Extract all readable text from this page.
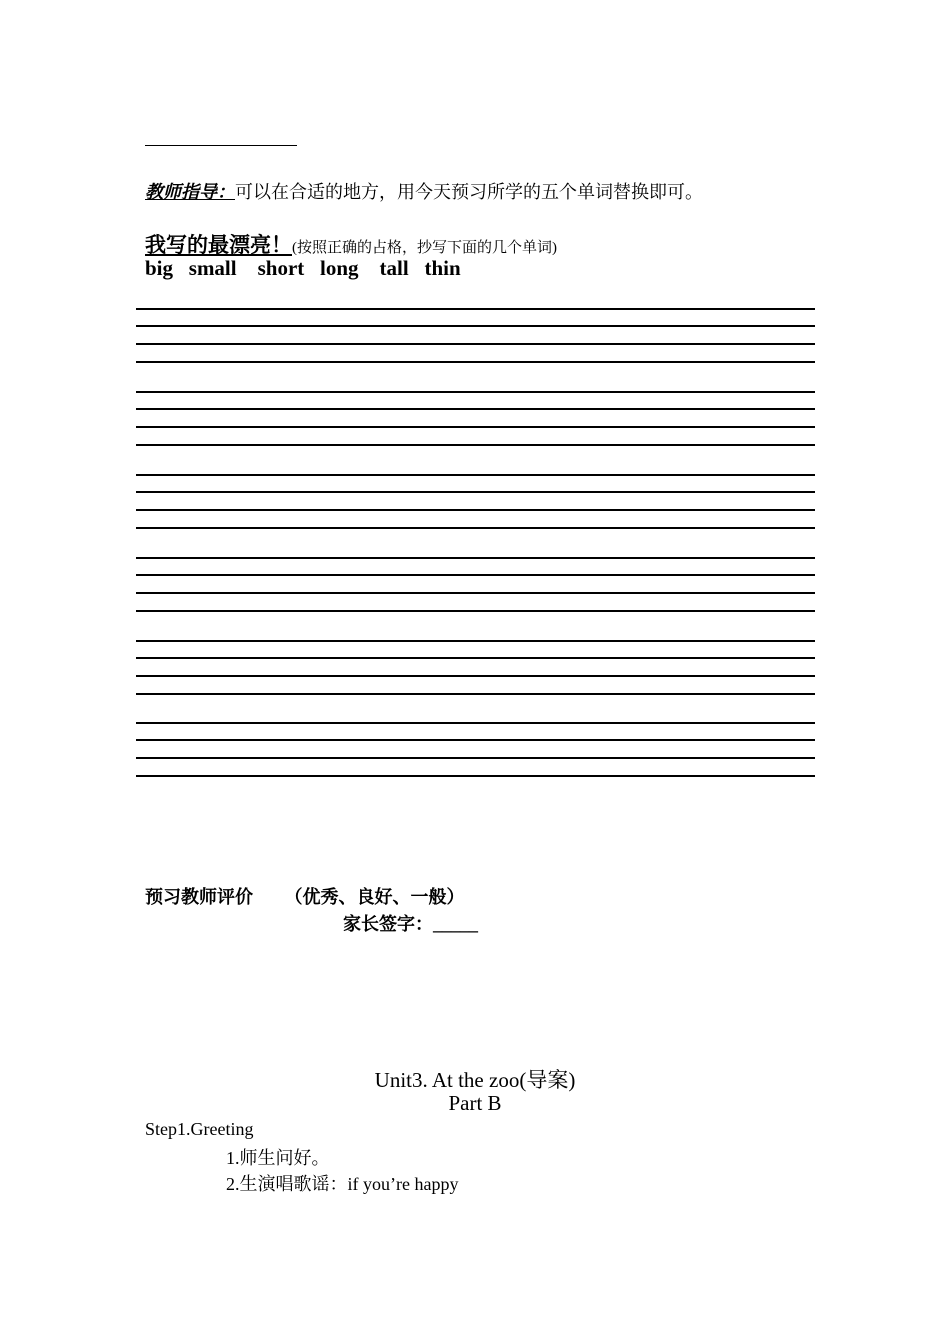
教师指导：可以在合适的地方，用今天预习所学的五个单词替换即可。
我写的最漂亮！(按照正确的占格，抄写下面的几个单词)
big small short long tall thin
预习教师评价 （优秀、良好、一般）
家长签字：_____
Unit3. At the zoo(导案)
Part B
Step1.Greeting
1.师生问好。
2.生演唱歌谣：if you’re happy
